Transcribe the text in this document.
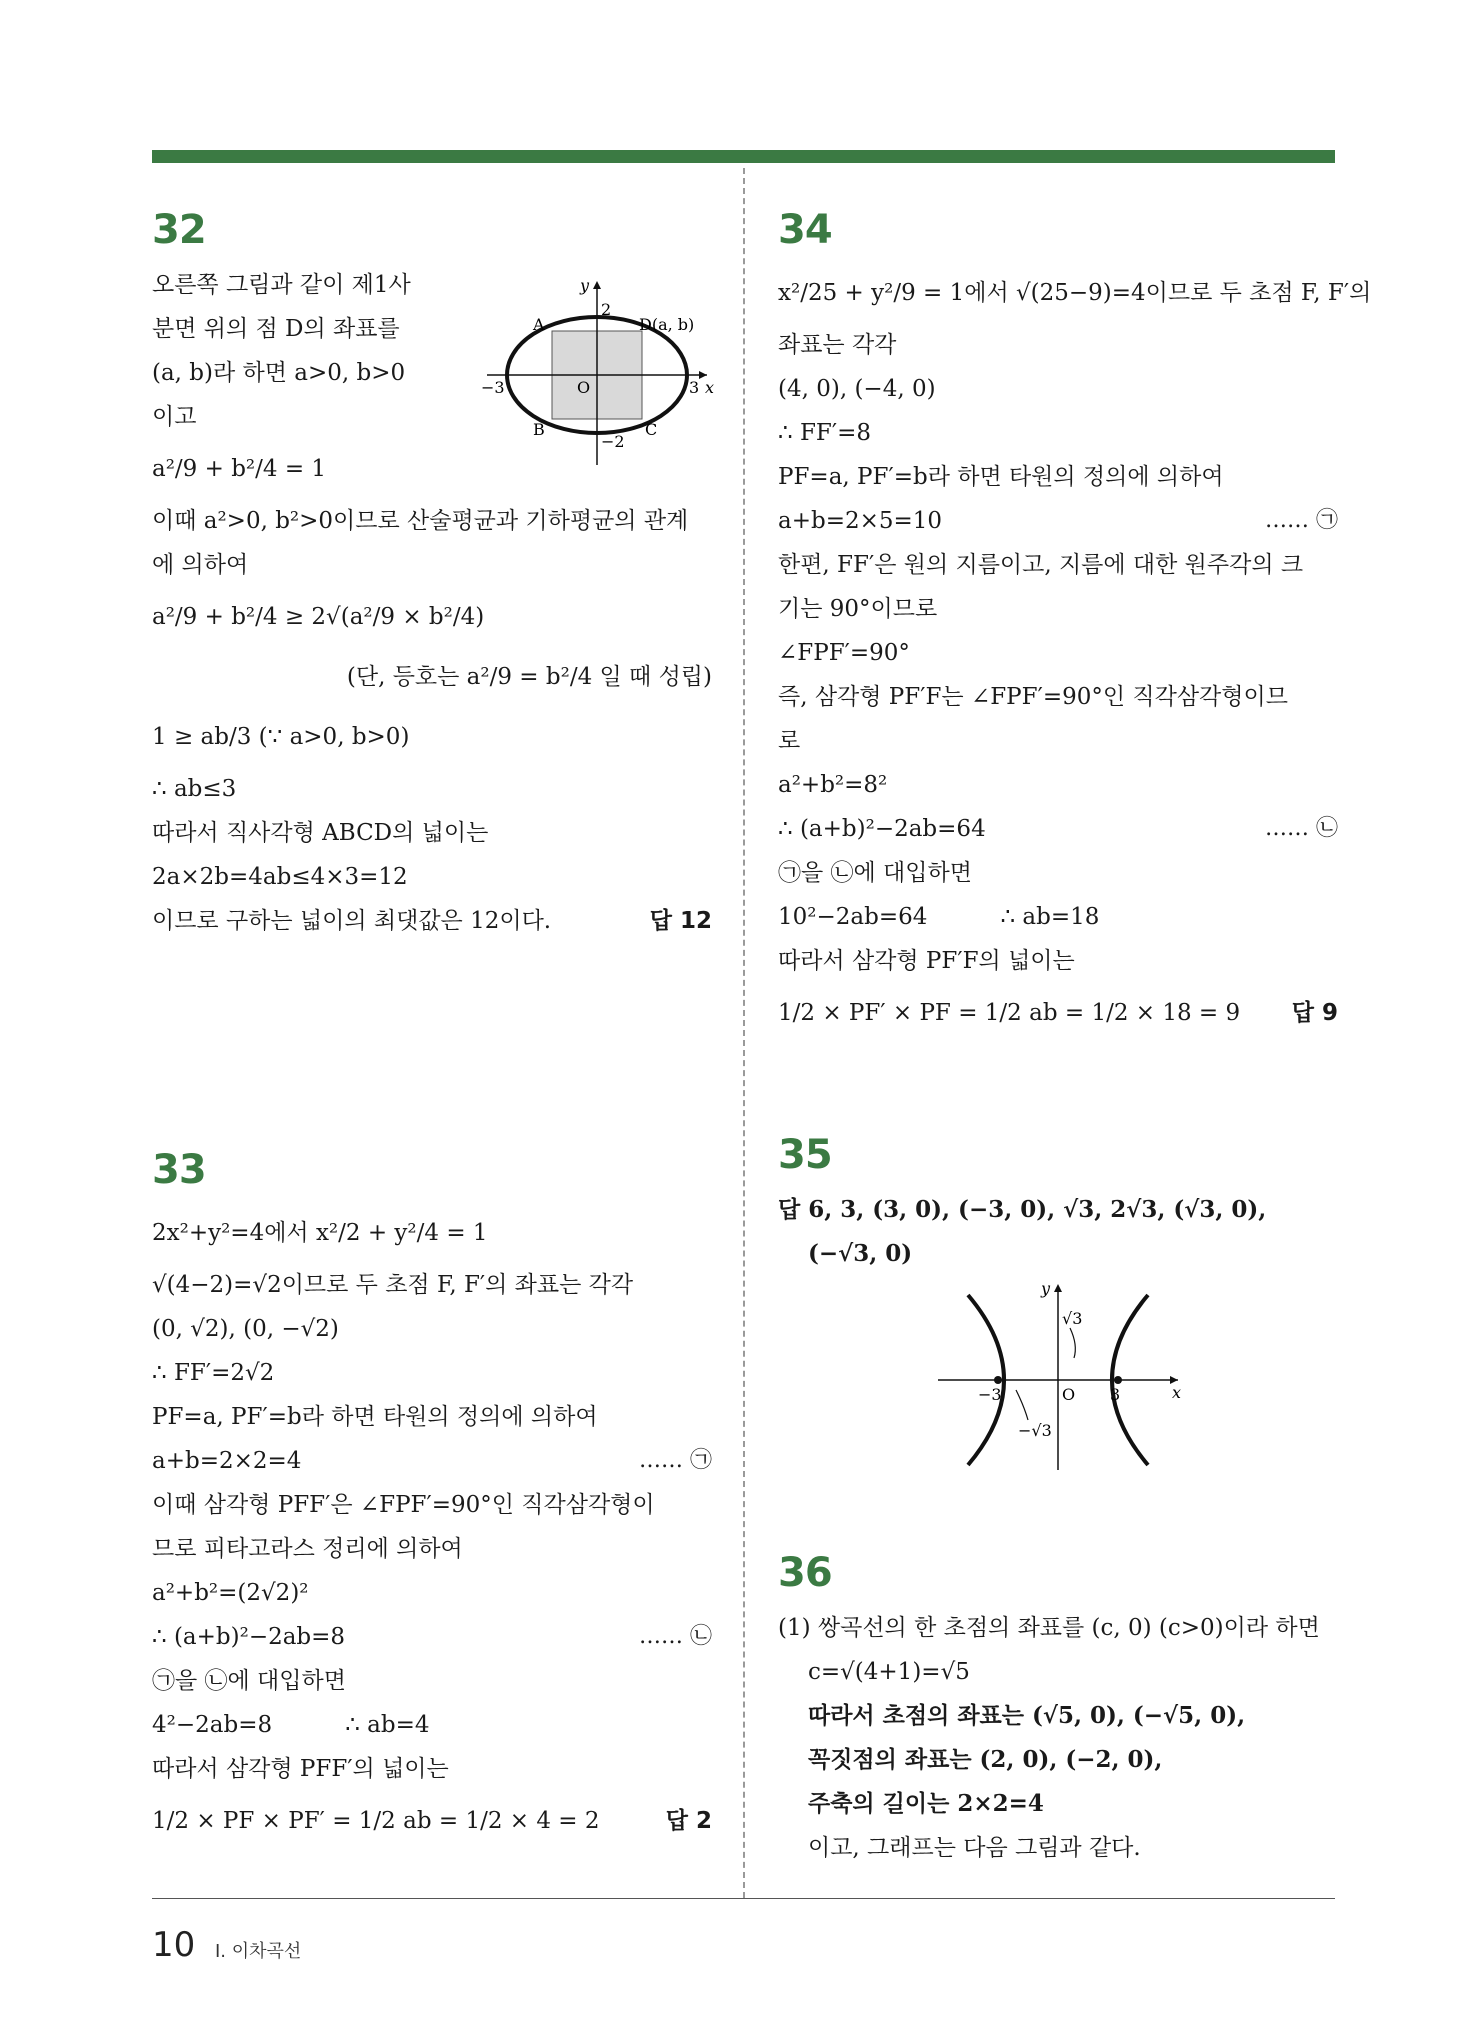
32
오른쪽 그림과 같이 제1사
분면 위의 점 D의 좌표를
(a, b)라 하면 a>0, b>0
이고
a²/9 + b²/4 = 1
이때 a²>0, b²>0이므로 산술평균과 기하평균의 관계
에 의하여
a²/9 + b²/4 ≥ 2√(a²/9 × b²/4)
(단, 등호는 a²/9 = b²/4 일 때 성립)
1 ≥ ab/3 (∵ a>0, b>0)
∴ ab≤3
따라서 직사각형 ABCD의 넓이는
2a×2b=4ab≤4×3=12
이므로 구하는 넓이의 최댓값은 12이다.	답 12
y
x
O
A
B	C
D(a, b)
2
−2
−3	3
33
2x²+y²=4에서 x²/2 + y²/4 = 1
√(4−2)=√2이므로 두 초점 F, F′의 좌표는 각각
(0, √2), (0, −√2)
∴ FF′=2√2
PF=a, PF′=b라 하면 타원의 정의에 의하여
a+b=2×2=4	…… ㉠
이때 삼각형 PFF′은 ∠FPF′=90°인 직각삼각형이
므로 피타고라스 정리에 의하여
a²+b²=(2√2)²
∴ (a+b)²−2ab=8	…… ㉡
㉠을 ㉡에 대입하면
4²−2ab=8          ∴ ab=4
따라서 삼각형 PFF′의 넓이는
1/2 × PF × PF′ = 1/2 ab = 1/2 × 4 = 2	답 2
34
x²/25 + y²/9 = 1에서 √(25−9)=4이므로 두 초점 F, F′의
좌표는 각각
(4, 0), (−4, 0)
∴ FF′=8
PF=a, PF′=b라 하면 타원의 정의에 의하여
a+b=2×5=10	…… ㉠
한편, FF′은 원의 지름이고, 지름에 대한 원주각의 크
기는 90°이므로
∠FPF′=90°
즉, 삼각형 PF′F는 ∠FPF′=90°인 직각삼각형이므
로
a²+b²=8²
∴ (a+b)²−2ab=64	…… ㉡
㉠을 ㉡에 대입하면
10²−2ab=64          ∴ ab=18
따라서 삼각형 PF′F의 넓이는
1/2 × PF′ × PF = 1/2 ab = 1/2 × 18 = 9 답 9
35
답 6, 3, (3, 0), (−3, 0), √3, 2√3, (√3, 0),
(−√3, 0)
y
x
O
−3	3
√3
−√3
36
(1) 쌍곡선의 한 초점의 좌표를 (c, 0) (c>0)이라 하면
c=√(4+1)=√5
따라서 초점의 좌표는 (√5, 0), (−√5, 0),
꼭짓점의 좌표는 (2, 0), (−2, 0),
주축의 길이는 2×2=4
이고, 그래프는 다음 그림과 같다.
10 Ⅰ. 이차곡선
